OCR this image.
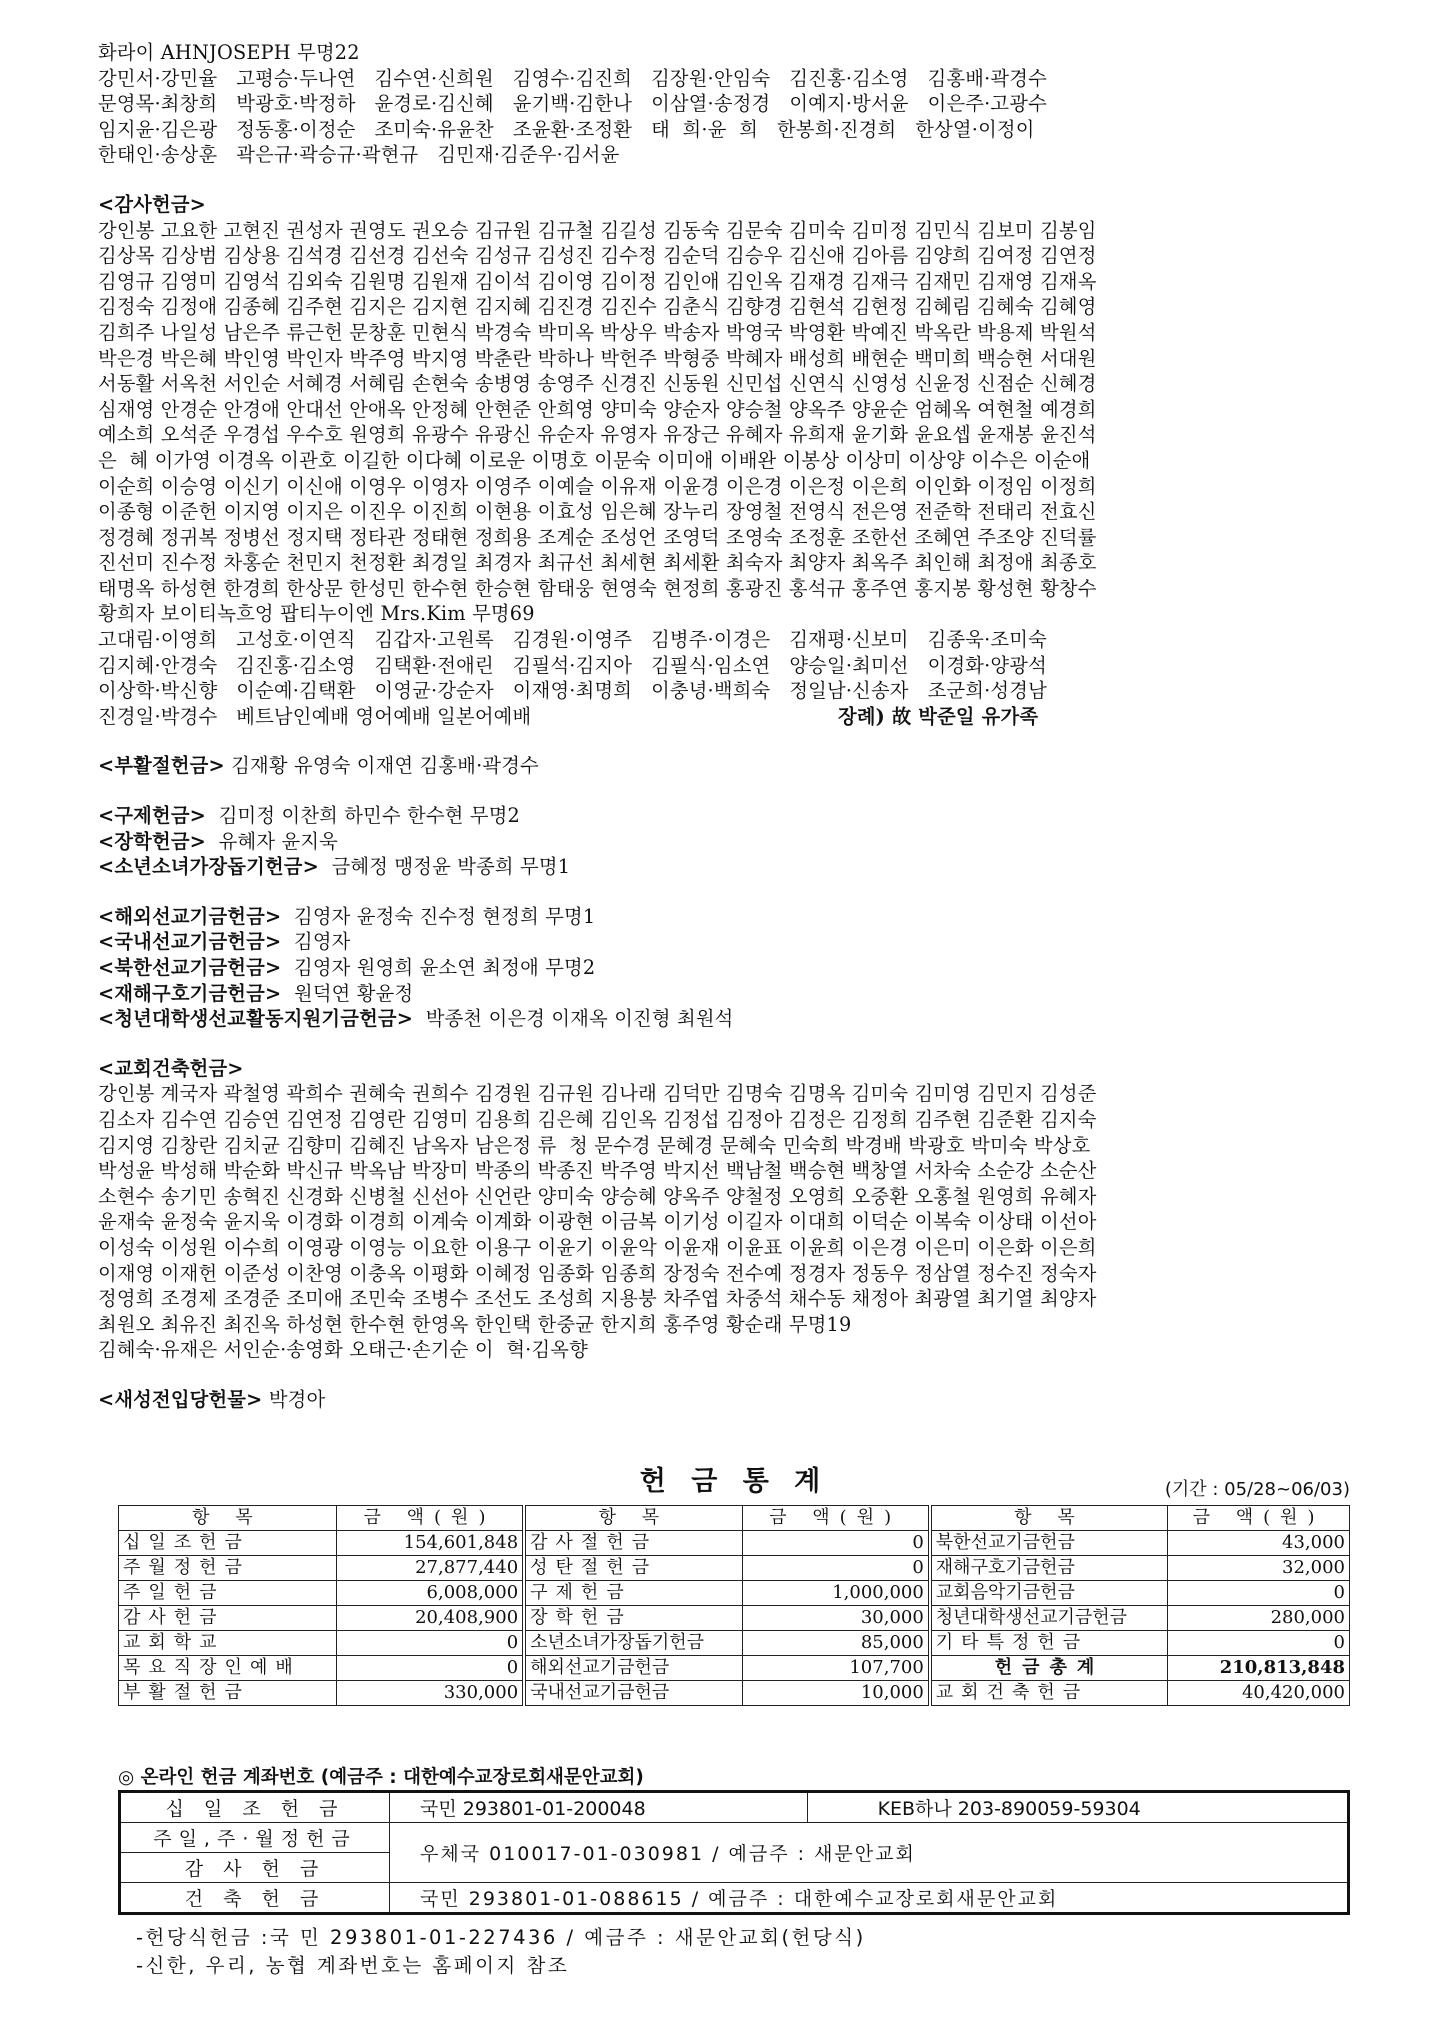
화라이 AHNJOSEPH 무명22
강민서·강민율   고평승·두나연   김수연·신희원   김영수·김진희   김장원·안임숙   김진홍·김소영   김홍배·곽경수
문영목·최창희   박광호·박정하   윤경로·김신혜   윤기백·김한나   이삼열·송정경   이예지·방서윤   이은주·고광수
임지윤·김은광   정동홍·이정순   조미숙·유윤찬   조윤환·조정환   태  희·윤  희   한봉희·진경희   한상열·이정이
한태인·송상훈   곽은규·곽승규·곽현규   김민재·김준우·김서윤
<감사헌금>
강인봉 고요한 고현진 권성자 권영도 권오승 김규원 김규철 김길성 김동숙 김문숙 김미숙 김미정 김민식 김보미 김봉임
김상목 김상범 김상용 김석경 김선경 김선숙 김성규 김성진 김수정 김순덕 김승우 김신애 김아름 김양희 김여정 김연정
김영규 김영미 김영석 김외숙 김원명 김원재 김이석 김이영 김이정 김인애 김인옥 김재경 김재극 김재민 김재영 김재옥
김정숙 김정애 김종혜 김주현 김지은 김지현 김지혜 김진경 김진수 김춘식 김향경 김현석 김현정 김혜림 김혜숙 김혜영
김희주 나일성 남은주 류근헌 문창훈 민현식 박경숙 박미옥 박상우 박송자 박영국 박영환 박예진 박옥란 박용제 박원석
박은경 박은혜 박인영 박인자 박주영 박지영 박춘란 박하나 박헌주 박형중 박혜자 배성희 배현순 백미희 백승현 서대원
서동활 서옥천 서인순 서혜경 서혜림 손현숙 송병영 송영주 신경진 신동원 신민섭 신연식 신영성 신윤정 신점순 신혜경
심재영 안경순 안경애 안대선 안애옥 안정혜 안현준 안희영 양미숙 양순자 양승철 양옥주 양윤순 엄혜옥 여현철 예경희
예소희 오석준 우경섭 우수호 원영희 유광수 유광신 유순자 유영자 유장근 유혜자 유희재 윤기화 윤요셉 윤재봉 윤진석
은  혜 이가영 이경옥 이관호 이길한 이다혜 이로운 이명호 이문숙 이미애 이배완 이봉상 이상미 이상양 이수은 이순애
이순희 이승영 이신기 이신애 이영우 이영자 이영주 이예슬 이유재 이윤경 이은경 이은정 이은희 이인화 이정임 이정희
이종형 이준헌 이지영 이지은 이진우 이진희 이현용 이효성 임은혜 장누리 장영철 전영식 전은영 전준학 전태리 전효신
정경혜 정귀복 정병선 정지택 정타관 정태현 정희용 조계순 조성언 조영덕 조영숙 조정훈 조한선 조혜연 주조양 진덕률
진선미 진수정 차홍순 천민지 천정환 최경일 최경자 최규선 최세현 최세환 최숙자 최양자 최옥주 최인해 최정애 최종호
태명옥 하성현 한경희 한상문 한성민 한수현 한승현 함태웅 현영숙 현정희 홍광진 홍석규 홍주연 홍지봉 황성현 황창수
황희자 보이티녹흐엉 팝티누이엔 Mrs.Kim 무명69
고대림·이영희   고성호·이연직   김갑자·고원록   김경원·이영주   김병주·이경은   김재평·신보미   김종욱·조미숙
김지혜·안경숙   김진홍·김소영   김택환·전애린   김필석·김지아   김필식·임소연   양승일·최미선   이경화·양광석
이상학·박신향   이순예·김택환   이영균·강순자   이재영·최명희   이충녕·백희숙   정일남·신송자   조군희·성경남
진경일·박경수   베트남인예배 영어예배 일본어예배	장례) 故 박준일 유가족
<부활절헌금> 김재황 유영숙 이재연 김홍배·곽경수
<구제헌금> 김미정 이찬희 하민수 한수현 무명2
<장학헌금> 유혜자 윤지욱
<소년소녀가장돕기헌금> 금혜정 맹정윤 박종희 무명1
<해외선교기금헌금> 김영자 윤정숙 진수정 현정희 무명1
<국내선교기금헌금> 김영자
<북한선교기금헌금> 김영자 원영희 윤소연 최정애 무명2
<재해구호기금헌금> 원덕연 황윤정
<청년대학생선교활동지원기금헌금> 박종천 이은경 이재옥 이진형 최원석
<교회건축헌금>
강인봉 계국자 곽철영 곽희수 권혜숙 권희수 김경원 김규원 김나래 김덕만 김명숙 김명옥 김미숙 김미영 김민지 김성준
김소자 김수연 김승연 김연정 김영란 김영미 김용희 김은혜 김인옥 김정섭 김정아 김정은 김정희 김주현 김준환 김지숙
김지영 김창란 김치균 김향미 김혜진 남옥자 남은정 류  청 문수경 문혜경 문혜숙 민숙희 박경배 박광호 박미숙 박상호
박성윤 박성해 박순화 박신규 박옥남 박장미 박종의 박종진 박주영 박지선 백남철 백승현 백창열 서차숙 소순강 소순산
소현수 송기민 송혁진 신경화 신병철 신선아 신언란 양미숙 양승혜 양옥주 양철정 오영희 오중환 오홍철 원영희 유혜자
윤재숙 윤정숙 윤지욱 이경화 이경희 이계숙 이계화 이광현 이금복 이기성 이길자 이대희 이덕순 이복숙 이상태 이선아
이성숙 이성원 이수희 이영광 이영능 이요한 이용구 이윤기 이윤악 이윤재 이윤표 이윤희 이은경 이은미 이은화 이은희
이재영 이재헌 이준성 이찬영 이충옥 이평화 이혜정 임종화 임종희 장정숙 전수예 정경자 정동우 정삼열 정수진 정숙자
정영희 조경제 조경준 조미애 조민숙 조병수 조선도 조성희 지용붕 차주엽 차중석 채수동 채정아 최광열 최기열 최양자
최원오 최유진 최진옥 하성현 한수현 한영옥 한인택 한중균 한지희 홍주영 황순래 무명19
김혜숙·유재은 서인순·송영화 오태근·손기순 이  혁·김옥향
<새성전입당헌물> 박경아
헌 금 통 계	(기간 : 05/28~06/03)
항 목	금 액(원)	항 목	금 액(원)	항 목	금 액(원)
십일조헌금	154,601,848	감사절헌금	0	북한선교기금헌금	43,000
주월정헌금	27,877,440	성탄절헌금	0	재해구호기금헌금	32,000
주일헌금	6,008,000	구제헌금	1,000,000	교회음악기금헌금	0
감사헌금	20,408,900	장학헌금	30,000	청년대학생선교기금헌금	280,000
교회학교	0	소년소녀가장돕기헌금	85,000	기타특정헌금	0
목요직장인예배	0	해외선교기금헌금	107,700	헌금총계	210,813,848
부활절헌금	330,000	국내선교기금헌금	10,000	교회건축헌금	40,420,000
◎ 온라인 헌금 계좌번호 (예금주 : 대한예수교장로회새문안교회)
십 일 조 헌 금	국민 293801-01-200048	KEB하나 203-890059-59304
주일,주·월정헌금	우체국 010017-01-030981 / 예금주 : 새문안교회	
감 사 헌 금		
건 축 헌 금	국민 293801-01-088615 / 예금주 : 대한예수교장로회새문안교회	
-헌당식헌금 :국 민 293801-01-227436 / 예금주 : 새문안교회(헌당식)
-신한, 우리, 농협 계좌번호는 홈페이지 참조
